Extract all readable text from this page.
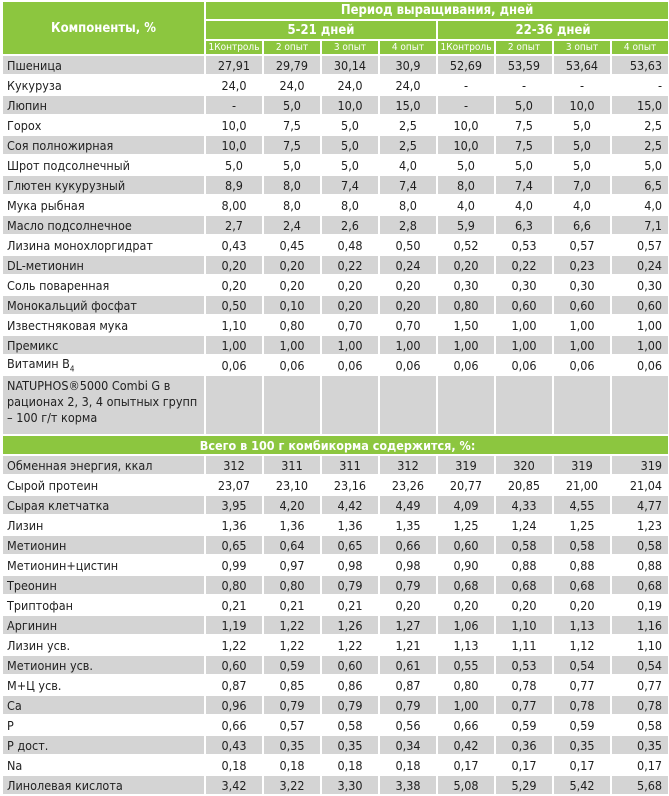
Компоненты, %	Период выращивания, дней							
	5-21 дней				22-36 дней			
	1Контроль	2 опыт	3 опыт	4 опыт	1Контроль	2 опыт	3 опыт	4 опыт
Пшеница	27,91	29,79	30,14	30,9	52,69	53,59	53,64	53,63
Кукуруза	24,0	24,0	24,0	24,0	-	-	-	-
Люпин	-	5,0	10,0	15,0	-	5,0	10,0	15,0
Горох	10,0	7,5	5,0	2,5	10,0	7,5	5,0	2,5
Соя полножирная	10,0	7,5	5,0	2,5	10,0	7,5	5,0	2,5
Шрот подсолнечный	5,0	5,0	5,0	4,0	5,0	5,0	5,0	5,0
Глютен кукурузный	8,9	8,0	7,4	7,4	8,0	7,4	7,0	6,5
Мука рыбная	8,00	8,0	8,0	8,0	4,0	4,0	4,0	4,0
Масло подсолнечное	2,7	2,4	2,6	2,8	5,9	6,3	6,6	7,1
Лизина монохлоргидрат	0,43	0,45	0,48	0,50	0,52	0,53	0,57	0,57
DL-метионин	0,20	0,20	0,22	0,24	0,20	0,22	0,23	0,24
Соль поваренная	0,20	0,20	0,20	0,20	0,30	0,30	0,30	0,30
Монокальций фосфат	0,50	0,10	0,20	0,20	0,80	0,60	0,60	0,60
Известняковая мука	1,10	0,80	0,70	0,70	1,50	1,00	1,00	1,00
Премикс	1,00	1,00	1,00	1,00	1,00	1,00	1,00	1,00
Витамин $B_4$	0,06	0,06	0,06	0,06	0,06	0,06	0,06	0,06
NATUPHOS®5000 Combi G в рационах 2, 3, 4 опытных групп – 100 г/т корма								
Всего в 100 г комбикорма содержится, %:								
Обменная энергия, ккал	312	311	311	312	319	320	319	319
Сырой протеин	23,07	23,10	23,16	23,26	20,77	20,85	21,00	21,04
Сырая клетчатка	3,95	4,20	4,42	4,49	4,09	4,33	4,55	4,77
Лизин	1,36	1,36	1,36	1,35	1,25	1,24	1,25	1,23
Метионин	0,65	0,64	0,65	0,66	0,60	0,58	0,58	0,58
Метионин+цистин	0,99	0,97	0,98	0,98	0,90	0,88	0,88	0,88
Треонин	0,80	0,80	0,79	0,79	0,68	0,68	0,68	0,68
Триптофан	0,21	0,21	0,21	0,20	0,20	0,20	0,20	0,19
Аргинин	1,19	1,22	1,26	1,27	1,06	1,10	1,13	1,16
Лизин усв.	1,22	1,22	1,22	1,21	1,13	1,11	1,12	1,10
Метионин усв.	0,60	0,59	0,60	0,61	0,55	0,53	0,54	0,54
М+Ц усв.	0,87	0,85	0,86	0,87	0,80	0,78	0,77	0,77
Ca	0,96	0,79	0,79	0,79	1,00	0,77	0,78	0,78
P	0,66	0,57	0,58	0,56	0,66	0,59	0,59	0,58
P дост.	0,43	0,35	0,35	0,34	0,42	0,36	0,35	0,35
Na	0,18	0,18	0,18	0,18	0,17	0,17	0,17	0,17
Линолевая кислота	3,42	3,22	3,30	3,38	5,08	5,29	5,42	5,68
